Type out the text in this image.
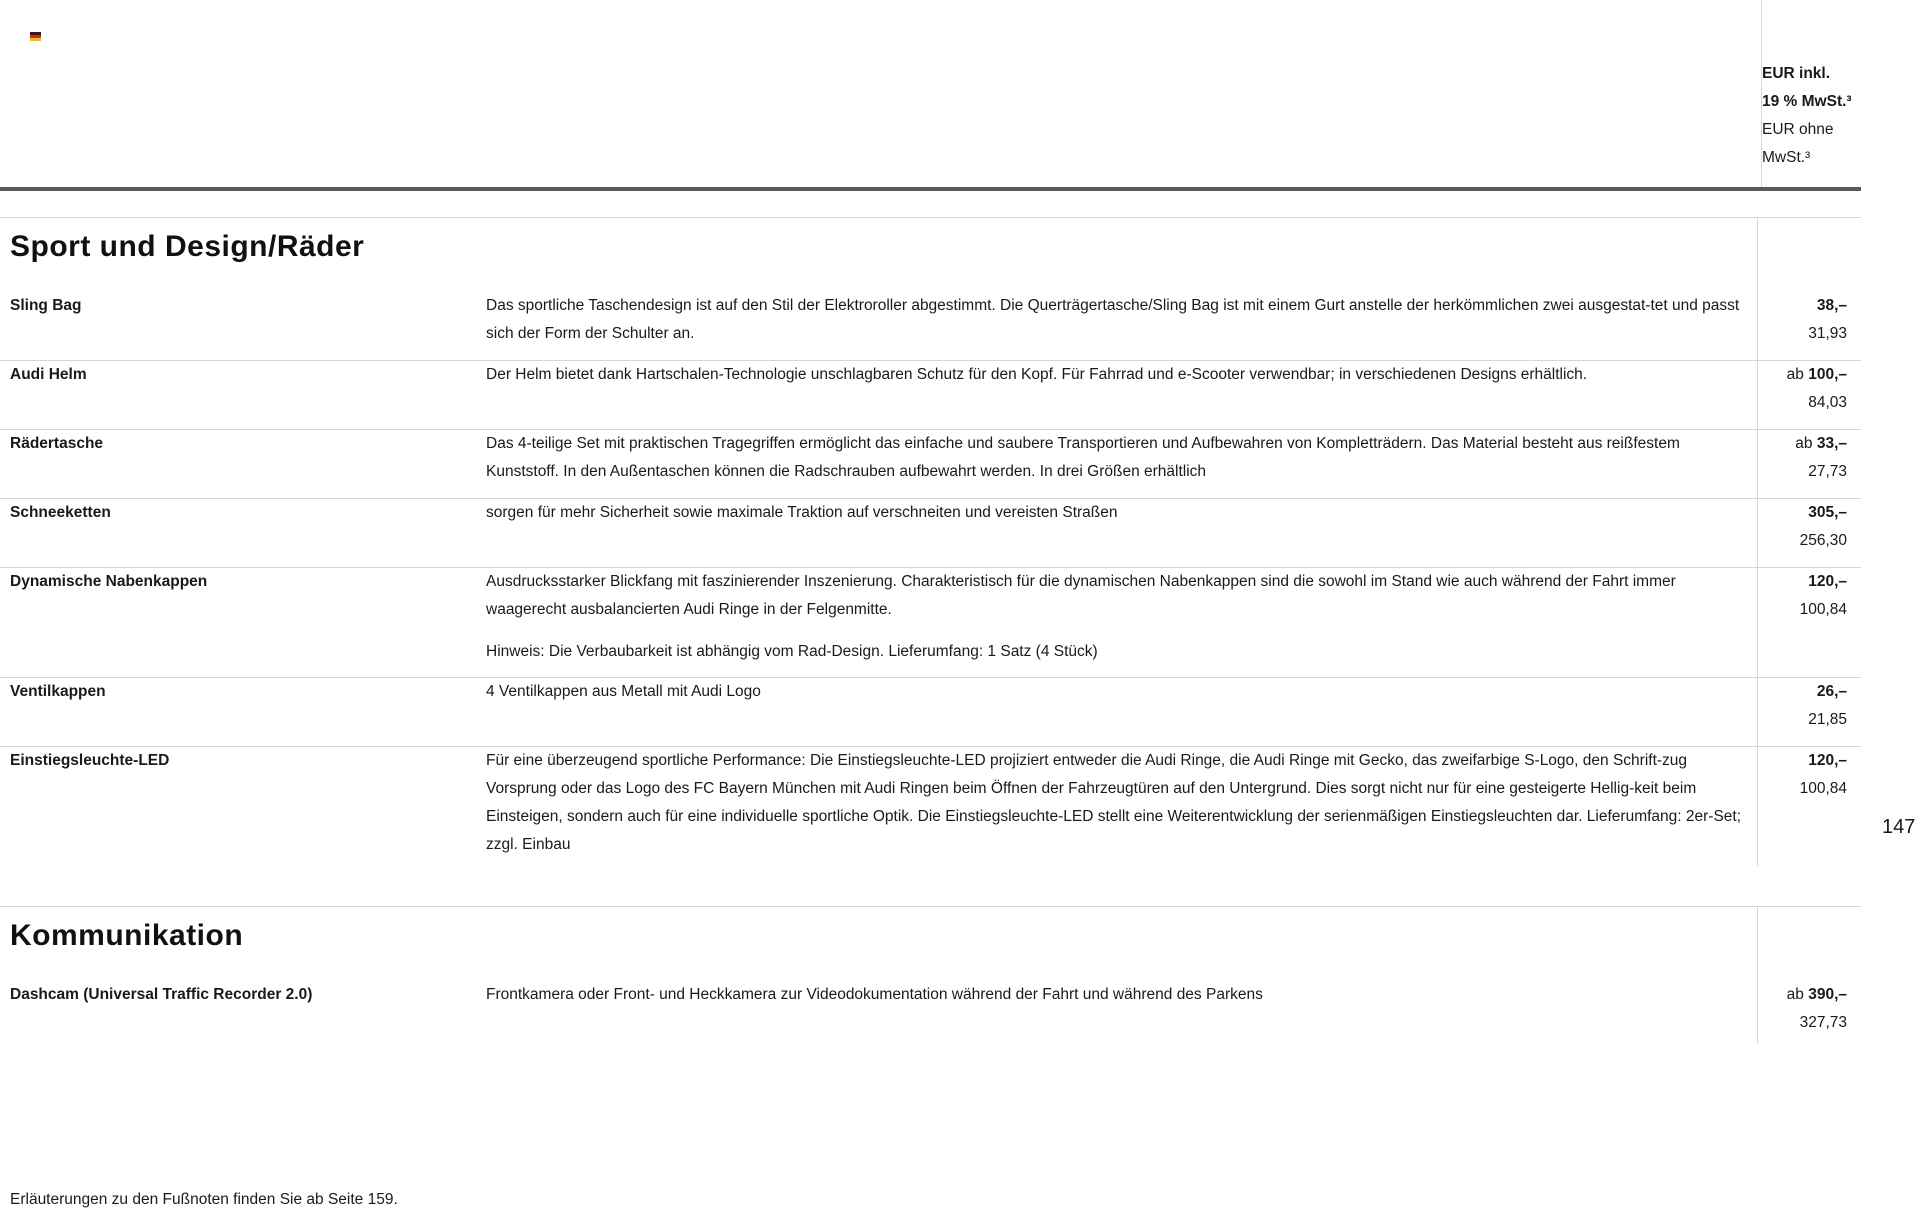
EUR inkl.
19 % MwSt.³
EUR ohne
MwSt.³
Sport und Design/Räder
Sling Bag	Das sportliche Taschendesign ist auf den Stil der Elektroroller abgestimmt. Die Querträgertasche/Sling Bag ist mit einem Gurt anstelle der herkömmlichen zwei ausgestat-tet und passt sich der Form der Schulter an.

38,–
31,93
Audi Helm	Der Helm bietet dank Hartschalen-Technologie unschlagbaren Schutz für den Kopf. Für Fahrrad und e-Scooter verwendbar; in verschiedenen Designs erhältlich.	ab 100,–
84,03
Rädertasche	Das 4-teilige Set mit praktischen Tragegriffen ermöglicht das einfache und saubere Transportieren und Aufbewahren von Kompletträdern. Das Material besteht aus reißfestem Kunststoff. In den Außentaschen können die Radschrauben aufbewahrt werden. In drei Größen erhältlich

ab 33,–
27,73
Schneeketten	sorgen für mehr Sicherheit sowie maximale Traktion auf verschneiten und vereisten Straßen	305,–
256,30
Dynamische Nabenkappen	Ausdrucksstarker Blickfang mit faszinierender Inszenierung. Charakteristisch für die dynamischen Nabenkappen sind die sowohl im Stand wie auch während der Fahrt immer waagerecht ausbalancierten Audi Ringe in der Felgenmitte.

Hinweis: Die Verbaubarkeit ist abhängig vom Rad-Design. Lieferumfang: 1 Satz (4 Stück)

120,–
100,84
Ventilkappen	4 Ventilkappen aus Metall mit Audi Logo	26,–
21,85
Einstiegsleuchte-LED	Für eine überzeugend sportliche Performance: Die Einstiegsleuchte-LED projiziert entweder die Audi Ringe, die Audi Ringe mit Gecko, das zweifarbige S-Logo, den Schrift-zug Vorsprung oder das Logo des FC Bayern München mit Audi Ringen beim Öffnen der Fahrzeugtüren auf den Untergrund. Dies sorgt nicht nur für eine gesteigerte Hellig-keit beim Einsteigen, sondern auch für eine individuelle sportliche Optik. Die Einstiegsleuchte-LED stellt eine Weiterentwicklung der serienmäßigen Einstiegsleuchten dar. Lieferumfang: 2er-Set; zzgl. Einbau

120,–
100,84
Kommunikation
Dashcam (Universal Traffic Recorder 2.0)	Frontkamera oder Front- und Heckkamera zur Videodokumentation während der Fahrt und während des Parkens	ab 390,–
327,73
147
Erläuterungen zu den Fußnoten finden Sie ab Seite 159.
